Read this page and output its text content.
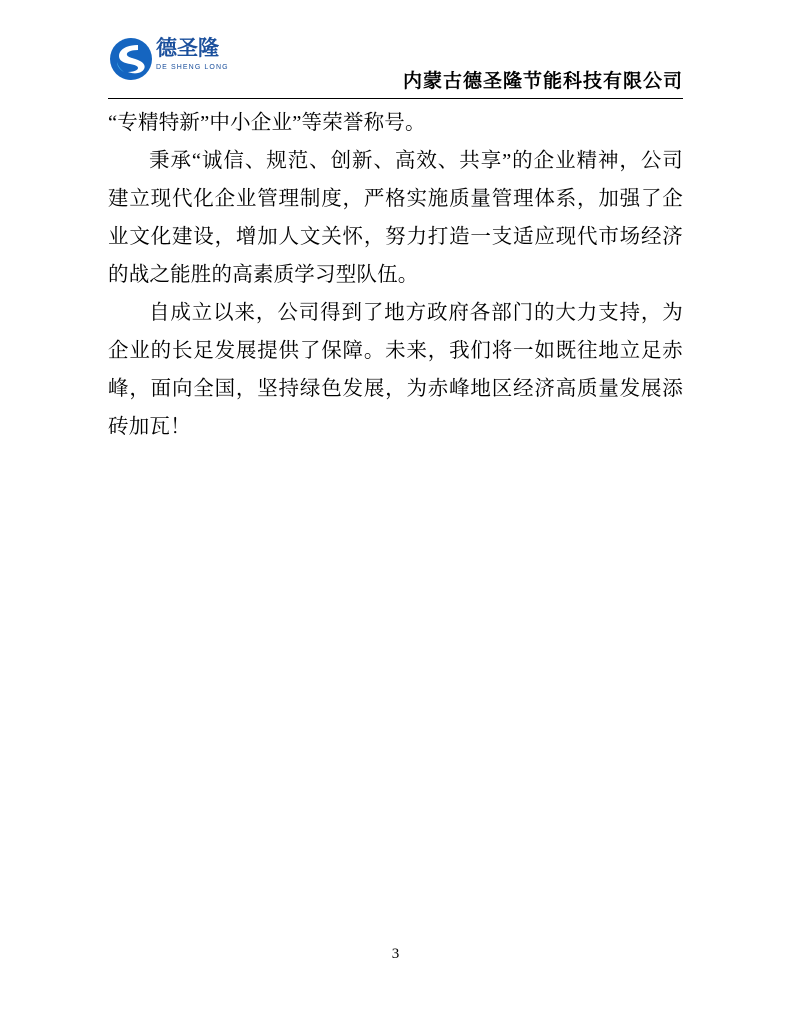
德圣隆
DE SHENG LONG
内蒙古德圣隆节能科技有限公司

“专精特新”中小企业”等荣誉称号。

秉承“诚信、规范、创新、高效、共享”的企业精神，公司建立现代化企业管理制度，严格实施质量管理体系，加强了企业文化建设，增加人文关怀，努力打造一支适应现代市场经济的战之能胜的高素质学习型队伍。

自成立以来，公司得到了地方政府各部门的大力支持，为企业的长足发展提供了保障。未来，我们将一如既往地立足赤峰，面向全国，坚持绿色发展，为赤峰地区经济高质量发展添砖加瓦！

3
